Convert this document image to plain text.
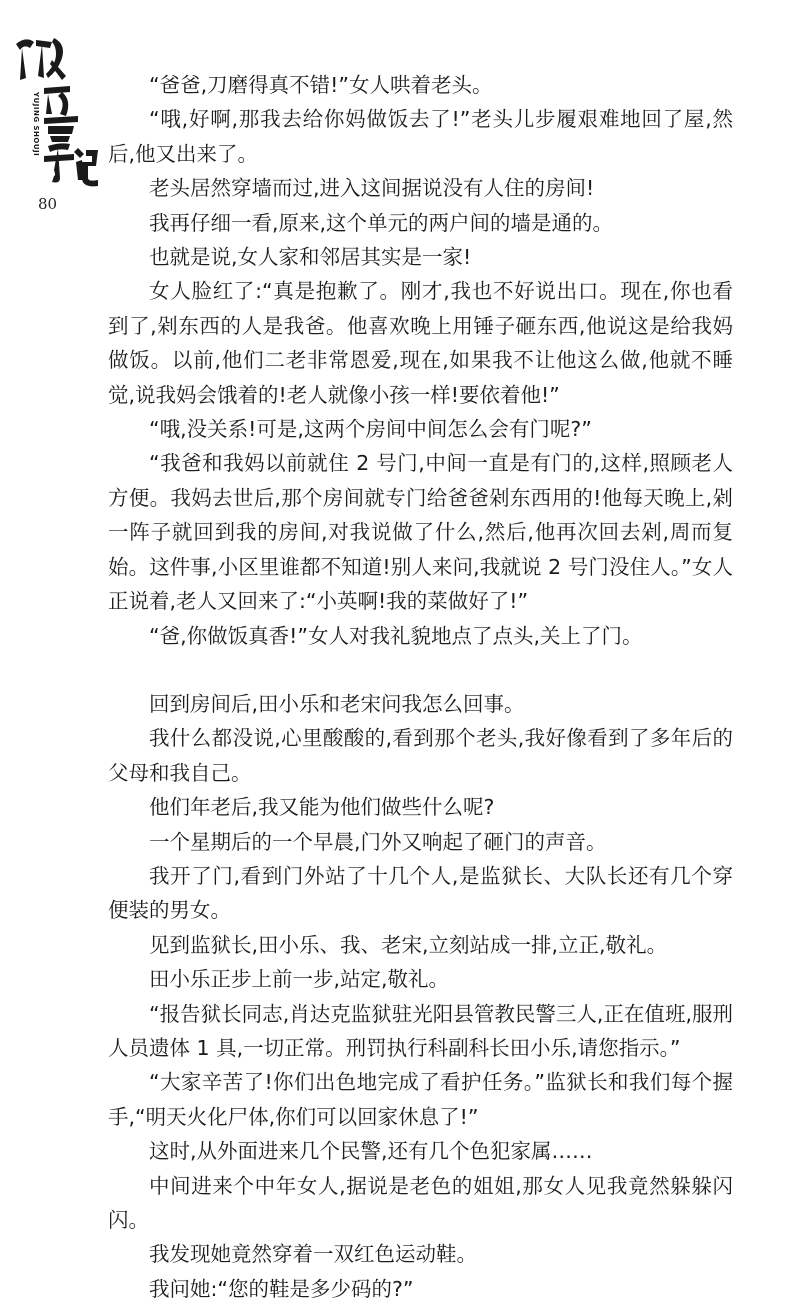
YUJING SHOUJI
80

“爸爸,刀磨得真不错!”女人哄着老头。

“哦,好啊,那我去给你妈做饭去了!”老头儿步履艰难地回了屋,然后,他又出来了。

老头居然穿墙而过,进入这间据说没有人住的房间!

我再仔细一看,原来,这个单元的两户间的墙是通的。

也就是说,女人家和邻居其实是一家!

女人脸红了:“真是抱歉了。刚才,我也不好说出口。现在,你也看到了,剁东西的人是我爸。他喜欢晚上用锤子砸东西,他说这是给我妈做饭。以前,他们二老非常恩爱,现在,如果我不让他这么做,他就不睡觉,说我妈会饿着的!老人就像小孩一样!要依着他!”

“哦,没关系!可是,这两个房间中间怎么会有门呢?”

“我爸和我妈以前就住 2 号门,中间一直是有门的,这样,照顾老人方便。我妈去世后,那个房间就专门给爸爸剁东西用的!他每天晚上,剁一阵子就回到我的房间,对我说做了什么,然后,他再次回去剁,周而复始。这件事,小区里谁都不知道!别人来问,我就说 2 号门没住人。”女人正说着,老人又回来了:“小英啊!我的菜做好了!”

“爸,你做饭真香!”女人对我礼貌地点了点头,关上了门。

回到房间后,田小乐和老宋问我怎么回事。

我什么都没说,心里酸酸的,看到那个老头,我好像看到了多年后的父母和我自己。

他们年老后,我又能为他们做些什么呢?

一个星期后的一个早晨,门外又响起了砸门的声音。

我开了门,看到门外站了十几个人,是监狱长、大队长还有几个穿便装的男女。

见到监狱长,田小乐、我、老宋,立刻站成一排,立正,敬礼。

田小乐正步上前一步,站定,敬礼。

“报告狱长同志,肖达克监狱驻光阳县管教民警三人,正在值班,服刑人员遗体 1 具,一切正常。刑罚执行科副科长田小乐,请您指示。”

“大家辛苦了!你们出色地完成了看护任务。”监狱长和我们每个握手,“明天火化尸体,你们可以回家休息了!”

这时,从外面进来几个民警,还有几个色犯家属……

中间进来个中年女人,据说是老色的姐姐,那女人见我竟然躲躲闪闪。

我发现她竟然穿着一双红色运动鞋。

我问她:“您的鞋是多少码的?”
